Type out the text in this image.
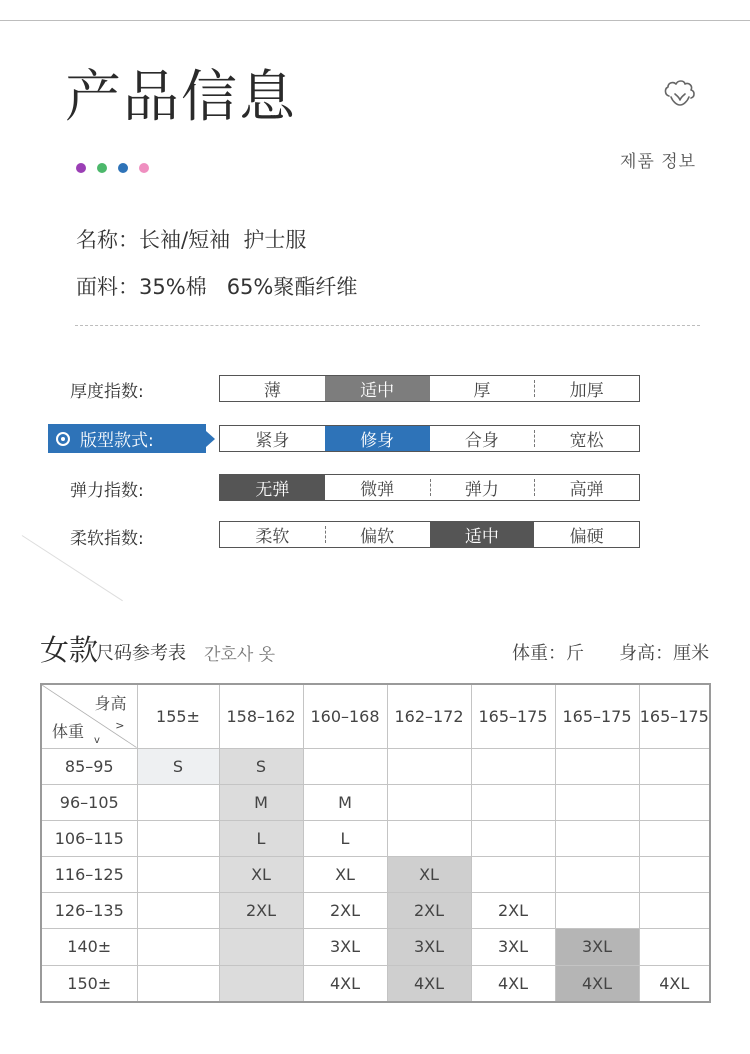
产品信息
제품 정보
名称：长袖/短袖  护士服
面料：35%棉   65%聚酯纤维
厚度指数:	薄	适中	厚	加厚
版型款式:	紧身	修身	合身	宽松
弹力指数:	无弹	微弹	弹力	高弹
柔软指数:	柔软	偏软	适中	偏硬
女款
尺码参考表 간호사 옷	体重：斤   身高：厘米
身高
>
体重 v	155±	158–162	160–168	162–172	165–175	165–175	165–175
85–95	S	S					
96–105		M	M				
106–115		L	L				
116–125		XL	XL	XL			
126–135		2XL	2XL	2XL	2XL		
140±			3XL	3XL	3XL	3XL	
150±			4XL	4XL	4XL	4XL	4XL
